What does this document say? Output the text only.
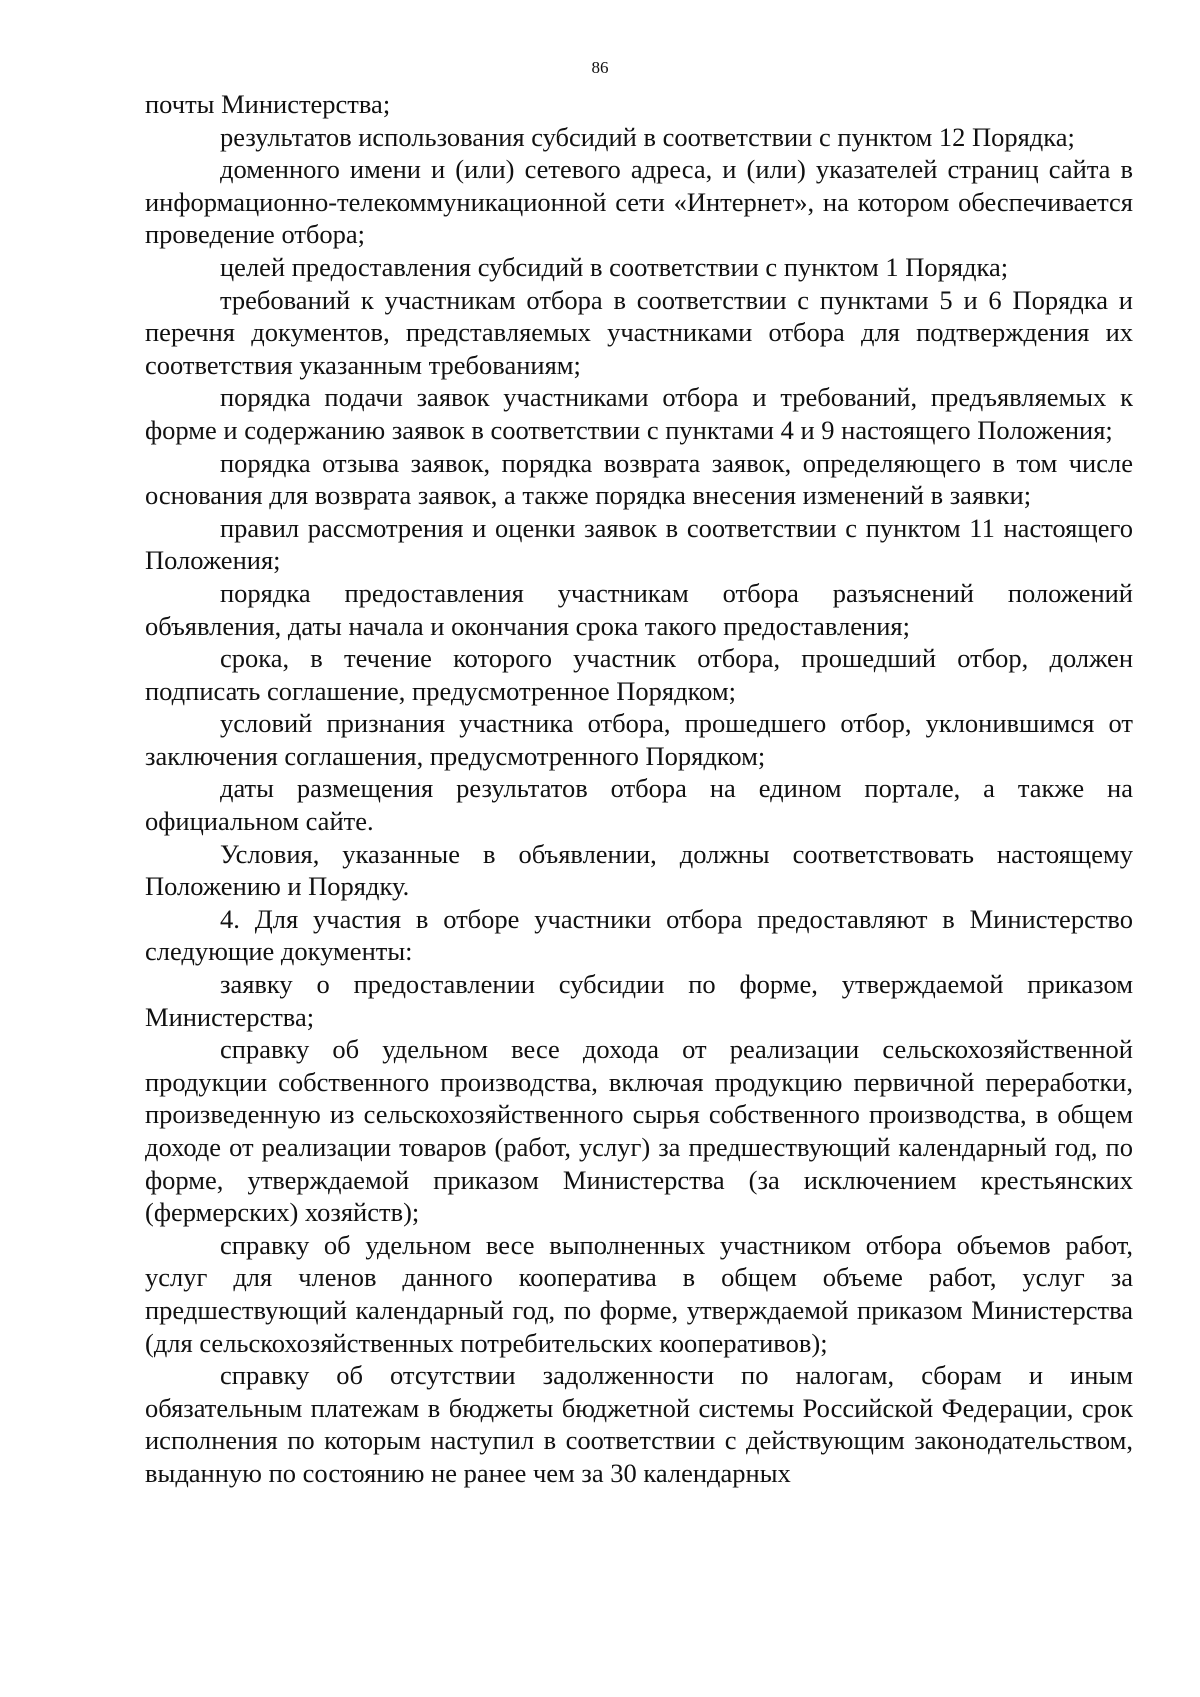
86

почты Министерства;

результатов использования субсидий в соответствии с пунктом 12 Порядка;

доменного имени и (или) сетевого адреса, и (или) указателей страниц сайта в информационно-телекоммуникационной сети «Интернет», на котором обеспечивается проведение отбора;

целей предоставления субсидий в соответствии с пунктом 1 Порядка;

требований к участникам отбора в соответствии с пунктами 5 и 6 Порядка и перечня документов, представляемых участниками отбора для подтверждения их соответствия указанным требованиям;

порядка подачи заявок участниками отбора и требований, предъявляемых к форме и содержанию заявок в соответствии с пунктами 4 и 9 настоящего Положения;

порядка отзыва заявок, порядка возврата заявок, определяющего в том числе основания для возврата заявок, а также порядка внесения изменений в заявки;

правил рассмотрения и оценки заявок в соответствии с пунктом 11 настоящего Положения;

порядка предоставления участникам отбора разъяснений положений объявления, даты начала и окончания срока такого предоставления;

срока, в течение которого участник отбора, прошедший отбор, должен подписать соглашение, предусмотренное Порядком;

условий признания участника отбора, прошедшего отбор, уклонившимся от заключения соглашения, предусмотренного Порядком;

даты размещения результатов отбора на едином портале, а также на официальном сайте.

Условия, указанные в объявлении, должны соответствовать настоящему Положению и Порядку.

4. Для участия в отборе участники отбора предоставляют в Министерство следующие документы:

заявку о предоставлении субсидии по форме, утверждаемой приказом Министерства;

справку об удельном весе дохода от реализации сельскохозяйственной продукции собственного производства, включая продукцию первичной переработки, произведенную из сельскохозяйственного сырья собственного производства, в общем доходе от реализации товаров (работ, услуг) за предшествующий календарный год, по форме, утверждаемой приказом Министерства (за исключением крестьянских (фермерских) хозяйств);

справку об удельном весе выполненных участником отбора объемов работ, услуг для членов данного кооператива в общем объеме работ, услуг за предшествующий календарный год, по форме, утверждаемой приказом Министерства (для сельскохозяйственных потребительских кооперативов);

справку об отсутствии задолженности по налогам, сборам и иным обязательным платежам в бюджеты бюджетной системы Российской Федерации, срок исполнения по которым наступил в соответствии с действующим законодательством, выданную по состоянию не ранее чем за 30 календарных
